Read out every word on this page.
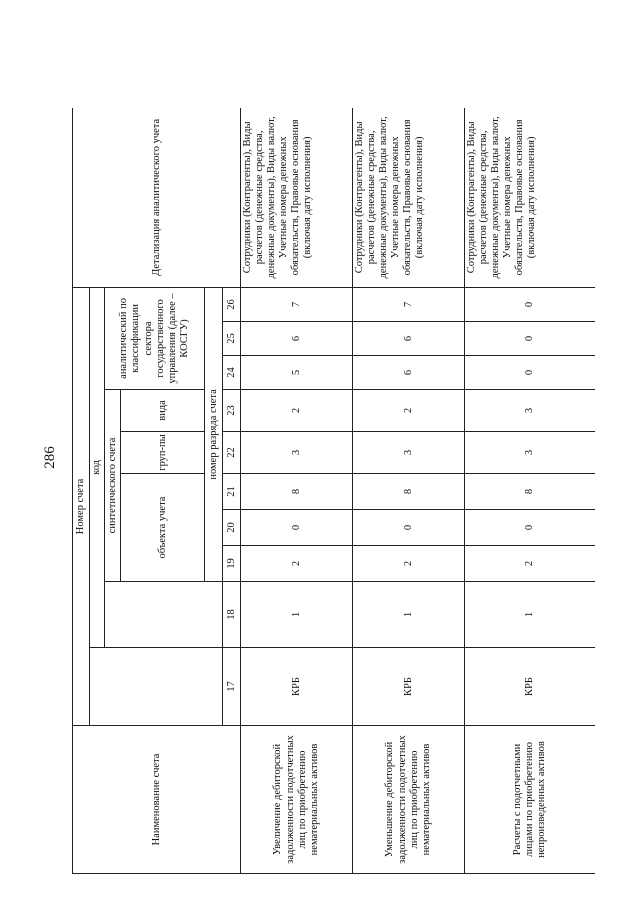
286
Наименование счета	Номер счета										Детализация аналитического учета
		код									
			синтетического счета					аналитический по классификации сектора государственного управления (далее – КОСГУ)			
			объекта учета			груп-пы	вида				
			номер разряда счета								
	17	18	19	20	21	22	23	24	25	26	
Увеличение дебиторской задолженности подотчетных лиц по приобретению нематериальных активов	КРБ	1	2	0	8	3	2	5	6	7	Сотрудники (Контрагенты), Виды расчетов (денежные средства, денежные документы), Виды валют, Учетные номера денежных обязательств, Правовые основания (включая дату исполнения)
Уменьшение дебиторской задолженности подотчетных лиц по приобретению нематериальных активов	КРБ	1	2	0	8	3	2	6	6	7	Сотрудники (Контрагенты), Виды расчетов (денежные средства, денежные документы), Виды валют, Учетные номера денежных обязательств, Правовые основания (включая дату исполнения)
Расчеты с подотчетными лицами по приобретению непроизведенных активов	КРБ	1	2	0	8	3	3	0	0	0	Сотрудники (Контрагенты), Виды расчетов (денежные средства, денежные документы), Виды валют, Учетные номера денежных обязательств, Правовые основания (включая дату исполнения)
